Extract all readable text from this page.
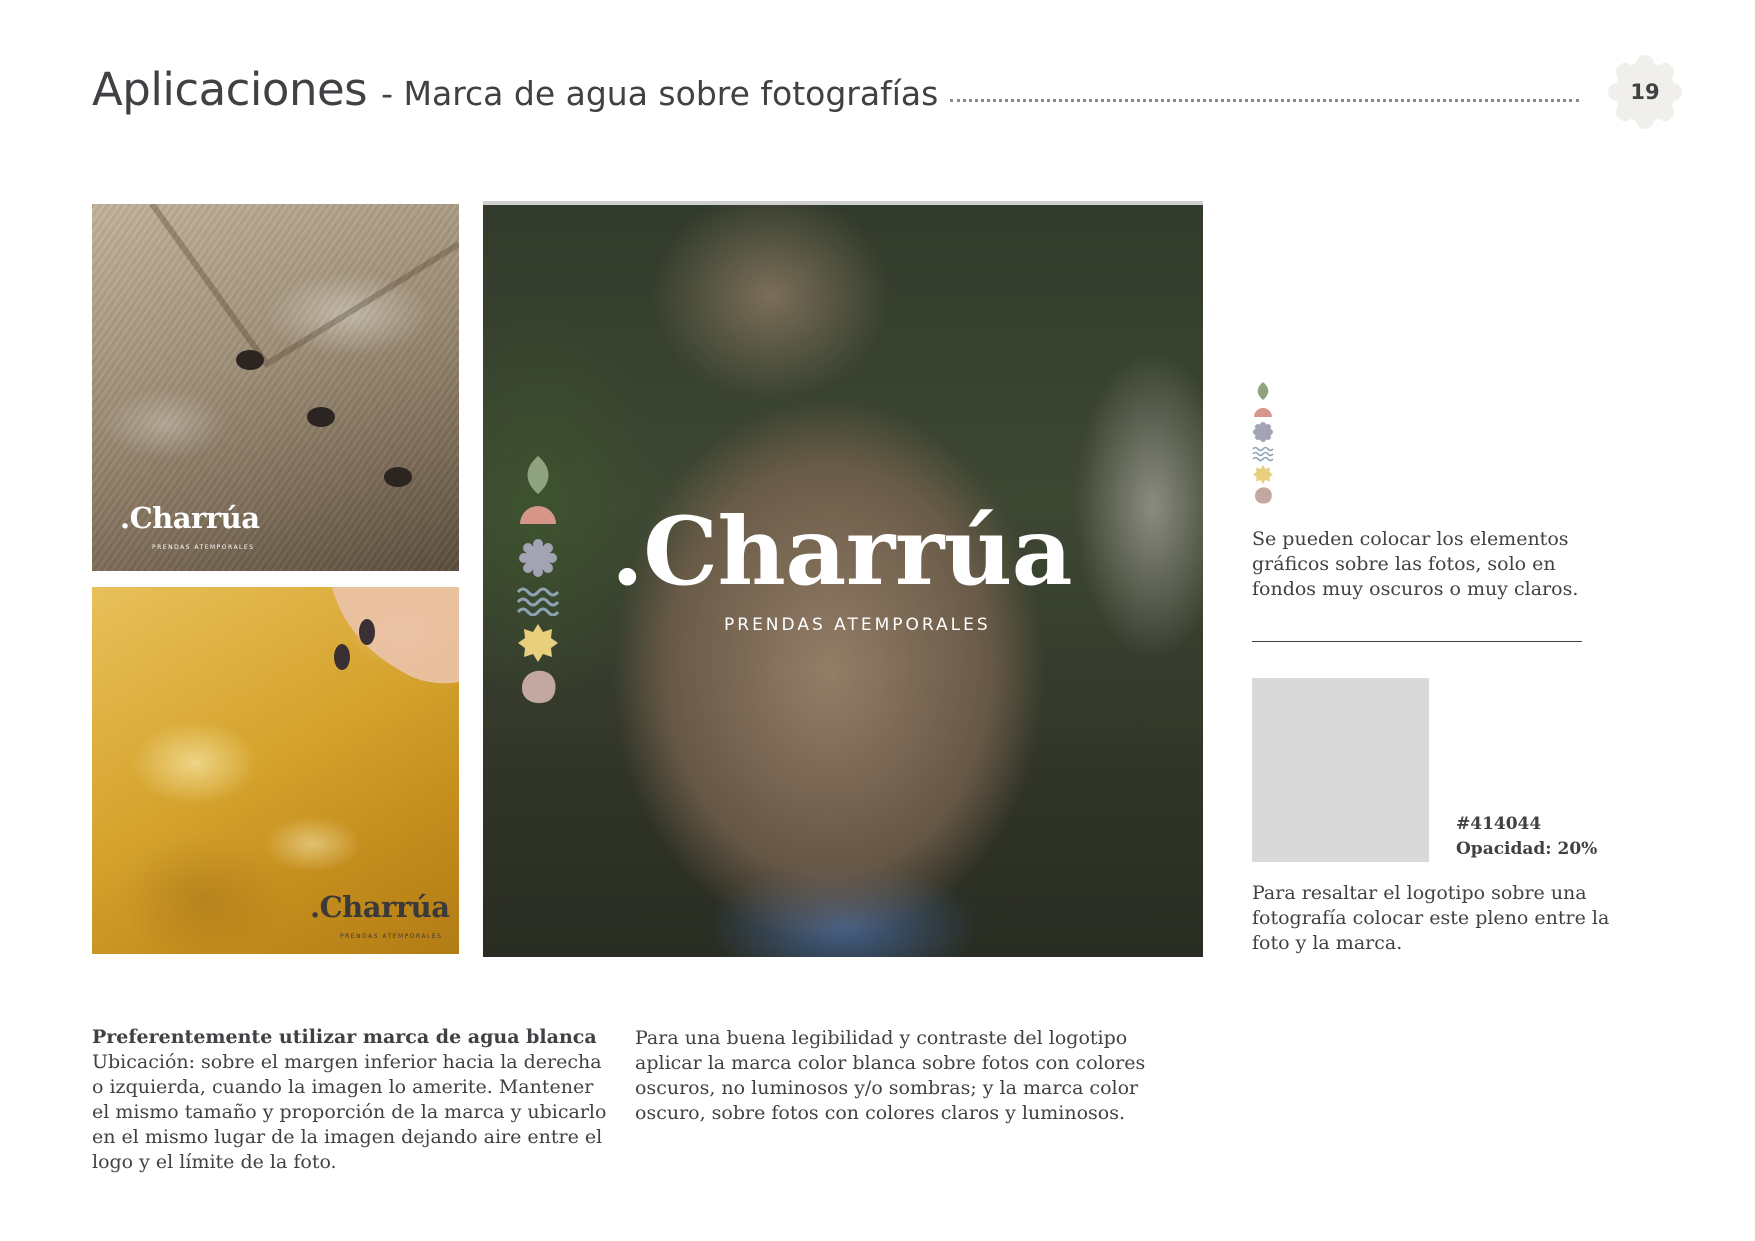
Aplicaciones - Marca de agua sobre fotografías	19
.Charrúa
PRENDAS ATEMPORALES
.Charrúa
PRENDAS ATEMPORALES
.Charrúa
PRENDAS ATEMPORALES
Se pueden colocar los elementos gráficos sobre las fotos, solo en fondos muy oscuros o muy claros.
#414044
Opacidad: 20%
Para resaltar el logotipo sobre una fotografía colocar este pleno entre la foto y la marca.
Preferentemente utilizar marca de agua blanca
Ubicación: sobre el margen inferior hacia la derecha o izquierda, cuando la imagen lo amerite. Mantener el mismo tamaño y proporción de la marca y ubicarlo en el mismo lugar de la imagen dejando aire entre el logo y el límite de la foto.
Para una buena legibilidad y contraste del logotipo aplicar la marca color blanca sobre fotos con colores oscuros, no luminosos y/o sombras; y la marca color oscuro, sobre fotos con colores claros y luminosos.
